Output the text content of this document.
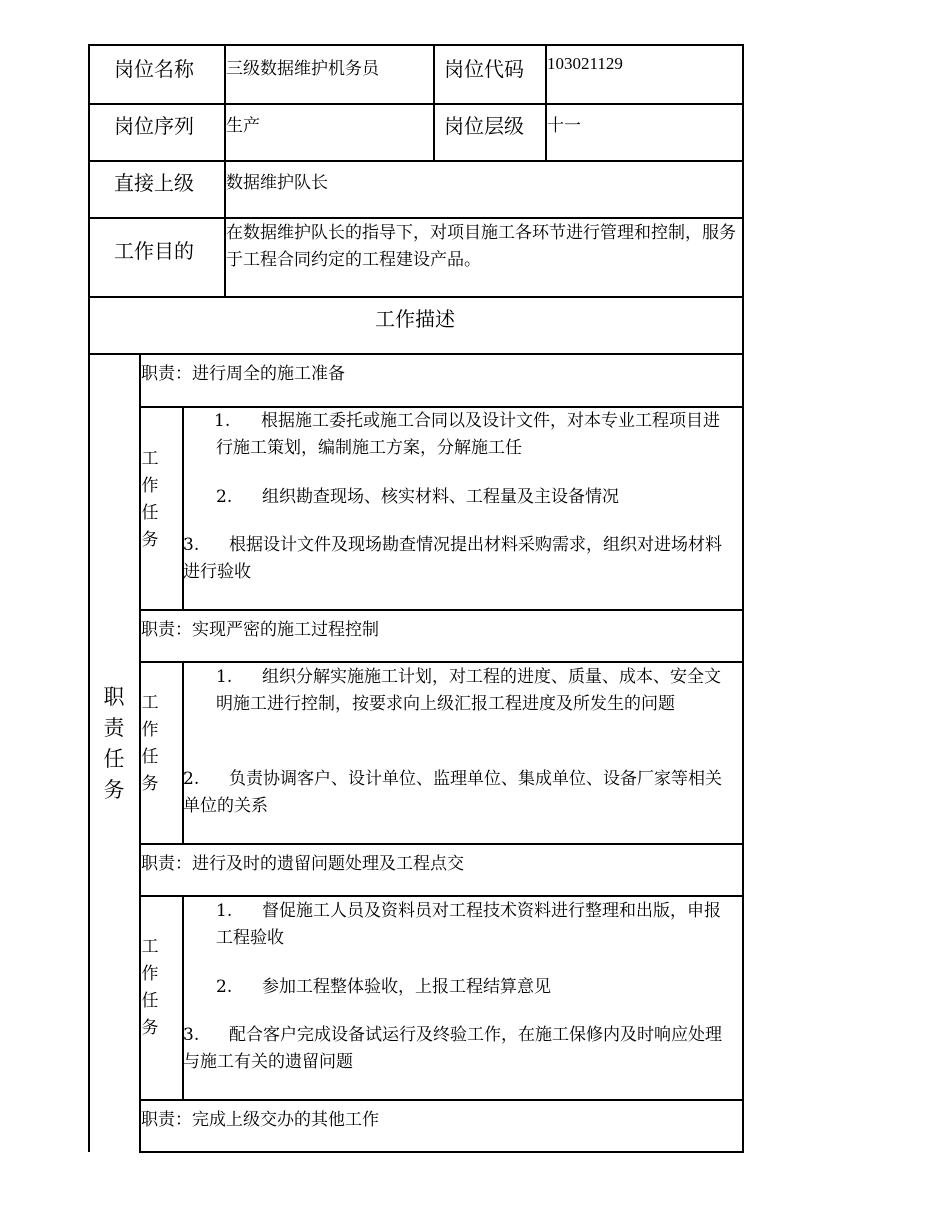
岗位名称 三级数据维护机务员	岗位代码 103021129
岗位序列 生产	岗位层级 十一
直接上级 数据维护队长
工作目的
在数据维护队长的指导下，对项目施工各环节进行管理和控制，服务于工程合同约定的工程建设产品。
工作描述
职
责
任
务
职责：进行周全的施工准备
工
作
任
务
1. 根据施工委托或施工合同以及设计文件，对本专业工程项目进行施工策划，编制施工方案，分解施工任
2. 组织勘查现场、核实材料、工程量及主设备情况
3. 根据设计文件及现场勘查情况提出材料采购需求，组织对进场材料进行验收
职责：实现严密的施工过程控制
工
作
任
务
1. 组织分解实施施工计划，对工程的进度、质量、成本、安全文明施工进行控制，按要求向上级汇报工程进度及所发生的问题
2. 负责协调客户、设计单位、监理单位、集成单位、设备厂家等相关单位的关系
职责：进行及时的遗留问题处理及工程点交
工
作
任
务
1. 督促施工人员及资料员对工程技术资料进行整理和出版，申报工程验收
2. 参加工程整体验收，上报工程结算意见
3. 配合客户完成设备试运行及终验工作，在施工保修内及时响应处理与施工有关的遗留问题
职责：完成上级交办的其他工作
